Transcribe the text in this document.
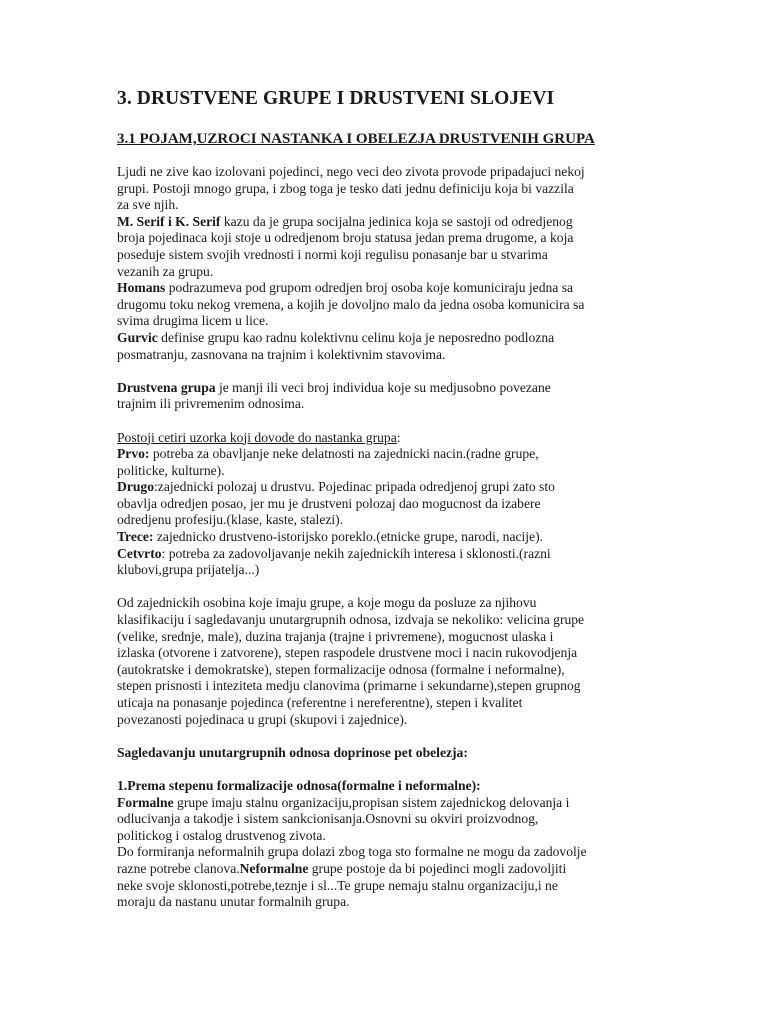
3. DRUSTVENE GRUPE I DRUSTVENI SLOJEVI
3.1 POJAM,UZROCI NASTANKA I OBELEZJA DRUSTVENIH GRUPA
Ljudi ne zive kao izolovani pojedinci, nego veci deo zivota provode pripadajuci nekoj
grupi. Postoji mnogo grupa, i zbog toga je tesko dati jednu definiciju koja bi vazzila
za sve njih.
M. Serif i K. Serif kazu da je grupa socijalna jedinica koja se sastoji od odredjenog
broja pojedinaca koji stoje u odredjenom broju statusa jedan prema drugome, a koja
poseduje sistem svojih vrednosti i normi koji regulisu ponasanje bar u stvarima
vezanih za grupu.
Homans podrazumeva pod grupom odredjen broj osoba koje komuniciraju jedna sa
drugomu toku nekog vremena, a kojih je dovoljno malo da jedna osoba komunicira sa
svima drugima licem u lice.
Gurvic definise grupu kao radnu kolektivnu celinu koja je neposredno podlozna
posmatranju, zasnovana na trajnim i kolektivnim stavovima.
Drustvena grupa je manji ili veci broj individua koje su medjusobno povezane
trajnim ili privremenim odnosima.
Postoji cetiri uzorka koji dovode do nastanka grupa:
Prvo: potreba za obavljanje neke delatnosti na zajednicki nacin.(radne grupe,
politicke, kulturne).
Drugo:zajednicki polozaj u drustvu. Pojedinac pripada odredjenoj grupi zato sto
obavlja odredjen posao, jer mu je drustveni polozaj dao mogucnost da izabere
odredjenu profesiju.(klase, kaste, stalezi).
Trece: zajednicko drustveno-istorijsko poreklo.(etnicke grupe, narodi, nacije).
Cetvrto: potreba za zadovoljavanje nekih zajednickih interesa i sklonosti.(razni
klubovi,grupa prijatelja...)
Od zajednickih osobina koje imaju grupe, a koje mogu da posluze za njihovu
klasifikaciju i sagledavanju unutargrupnih odnosa, izdvaja se nekoliko: velicina grupe
(velike, srednje, male), duzina trajanja (trajne i privremene), mogucnost ulaska i
izlaska (otvorene i zatvorene), stepen raspodele drustvene moci i nacin rukovodjenja
(autokratske i demokratske), stepen formalizacije odnosa (formalne i neformalne),
stepen prisnosti i inteziteta medju clanovima (primarne i sekundarne),stepen grupnog
uticaja na ponasanje pojedinca (referentne i nereferentne), stepen i kvalitet
povezanosti pojedinaca u grupi (skupovi i zajednice).
Sagledavanju unutargrupnih odnosa doprinose pet obelezja:
1.Prema stepenu formalizacije odnosa(formalne i neformalne):
Formalne grupe imaju stalnu organizaciju,propisan sistem zajednickog delovanja i
odlucivanja a takodje i sistem sankcionisanja.Osnovni su okviri proizvodnog,
politickog i ostalog drustvenog zivota.
Do formiranja neformalnih grupa dolazi zbog toga sto formalne ne mogu da zadovolje
razne potrebe clanova.Neformalne grupe postoje da bi pojedinci mogli zadovoljiti
neke svoje sklonosti,potrebe,teznje i sl...Te grupe nemaju stalnu organizaciju,i ne
moraju da nastanu unutar formalnih grupa.
